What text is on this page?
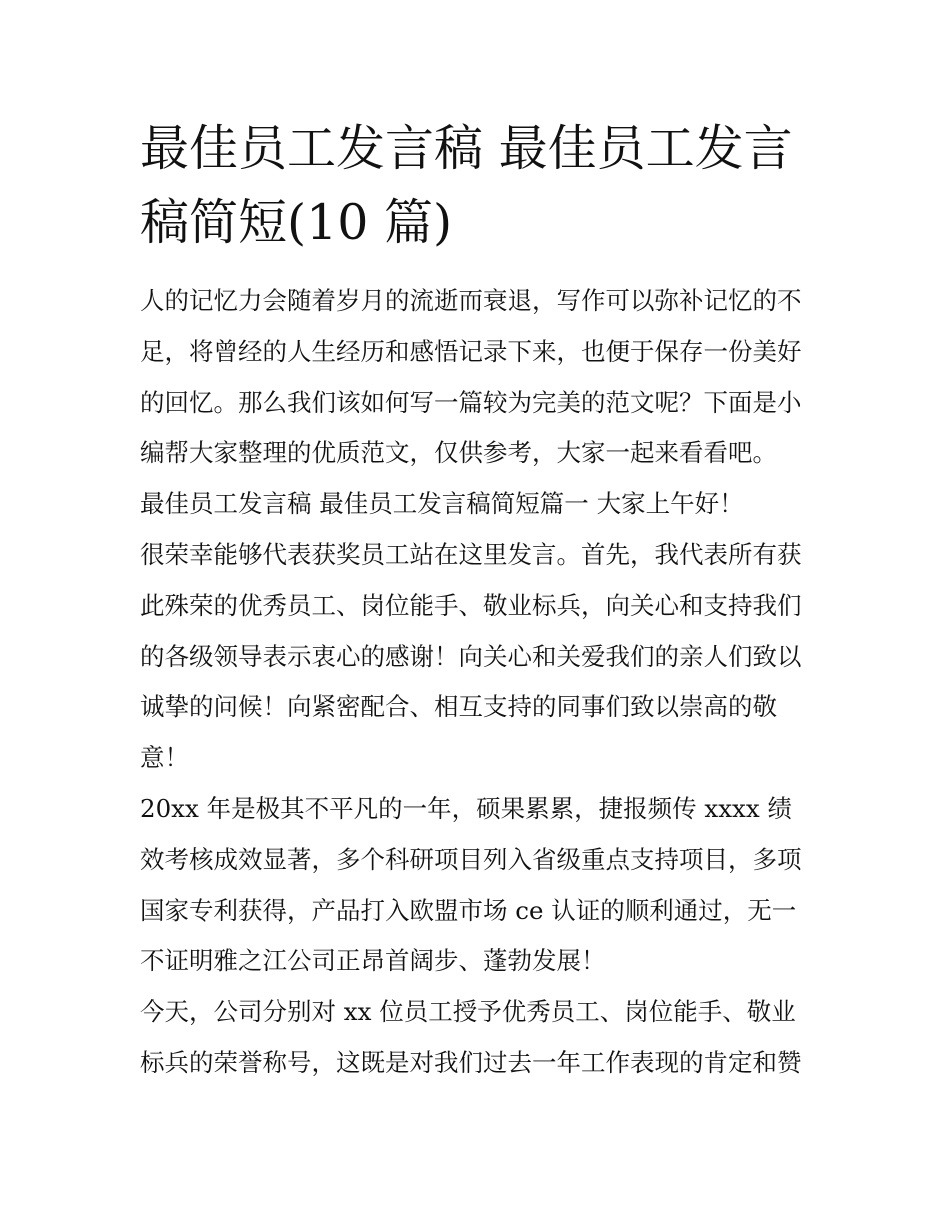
最佳员工发言稿 最佳员工发言稿简短(10 篇)

人的记忆力会随着岁月的流逝而衰退，写作可以弥补记忆的不足，将曾经的人生经历和感悟记录下来，也便于保存一份美好的回忆。那么我们该如何写一篇较为完美的范文呢？下面是小编帮大家整理的优质范文，仅供参考，大家一起来看看吧。

最佳员工发言稿 最佳员工发言稿简短篇一 大家上午好！

很荣幸能够代表获奖员工站在这里发言。首先，我代表所有获此殊荣的优秀员工、岗位能手、敬业标兵，向关心和支持我们的各级领导表示衷心的感谢！向关心和关爱我们的亲人们致以诚挚的问候！向紧密配合、相互支持的同事们致以崇高的敬意！

20xx 年是极其不平凡的一年，硕果累累，捷报频传 xxxx 绩效考核成效显著，多个科研项目列入省级重点支持项目，多项国家专利获得，产品打入欧盟市场 ce 认证的顺利通过，无一不证明雅之江公司正昂首阔步、蓬勃发展！

今天，公司分别对 xx 位员工授予优秀员工、岗位能手、敬业标兵的荣誉称号，这既是对我们过去一年工作表现的肯定和赞
